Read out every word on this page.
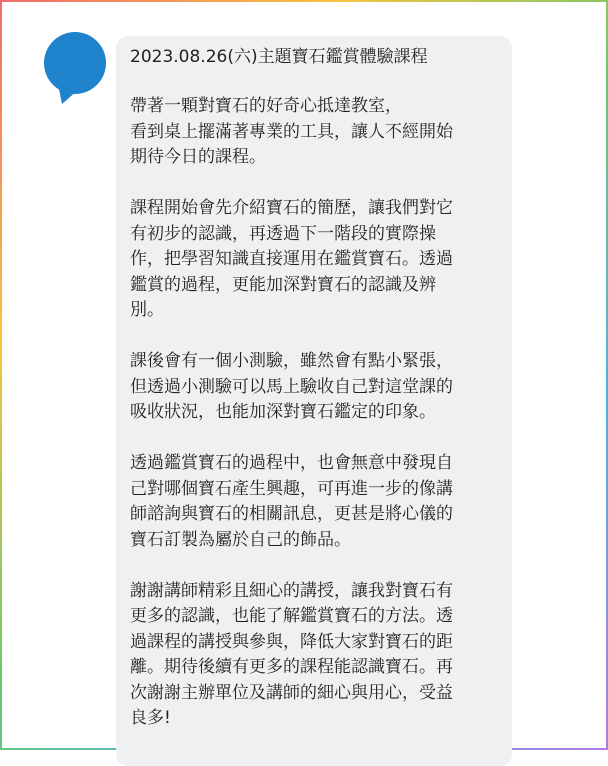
2023.08.26(六)主題寶石鑑賞體驗課程
帶著一顆對寶石的好奇心抵達教室，
看到桌上擺滿著專業的工具，讓人不經開始
期待今日的課程。
課程開始會先介紹寶石的簡歷，讓我們對它
有初步的認識，再透過下一階段的實際操
作，把學習知識直接運用在鑑賞寶石。透過
鑑賞的過程，更能加深對寶石的認識及辨
別。
課後會有一個小測驗，雖然會有點小緊張，
但透過小測驗可以馬上驗收自己對這堂課的
吸收狀況，也能加深對寶石鑑定的印象。
透過鑑賞寶石的過程中，也會無意中發現自
己對哪個寶石產生興趣，可再進一步的像講
師諮詢與寶石的相關訊息，更甚是將心儀的
寶石訂製為屬於自己的飾品。
謝謝講師精彩且細心的講授，讓我對寶石有
更多的認識，也能了解鑑賞寶石的方法。透
過課程的講授與參與，降低大家對寶石的距
離。期待後續有更多的課程能認識寶石。再
次謝謝主辦單位及講師的細心與用心，受益
良多!
